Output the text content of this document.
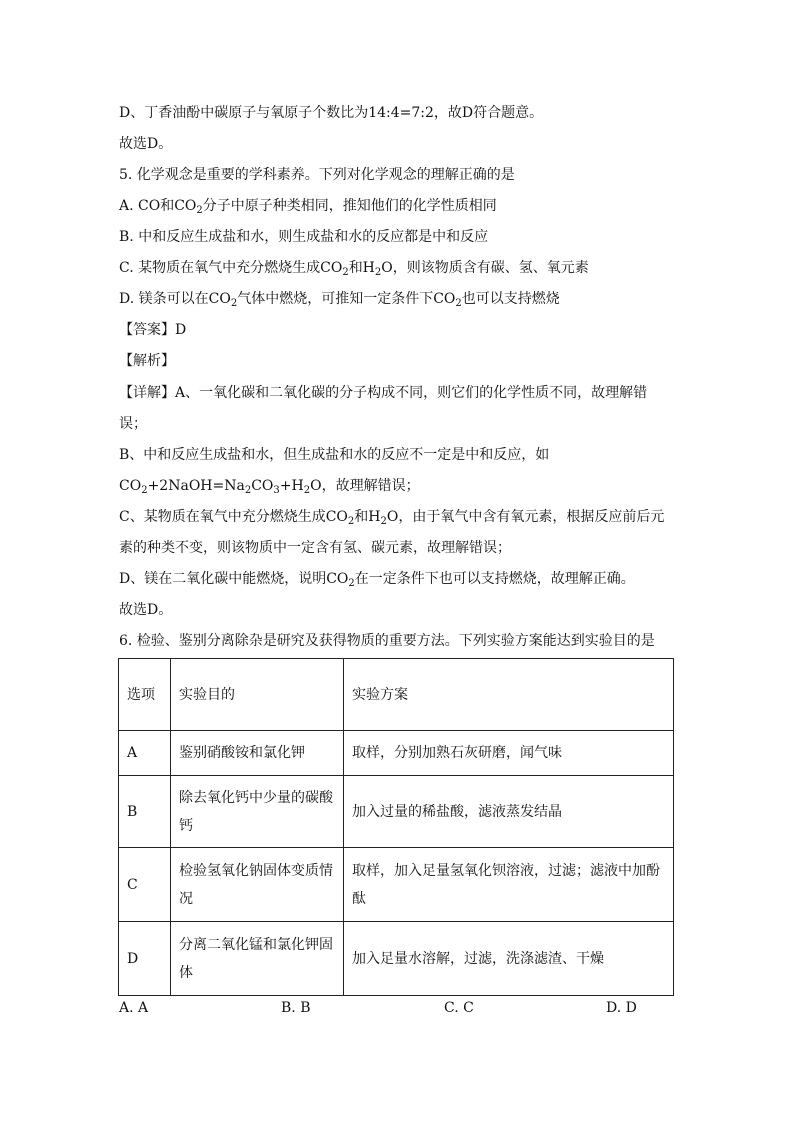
D、丁香油酚中碳原子与氧原子个数比为14:4=7:2，故D符合题意。
故选D。
5. 化学观念是重要的学科素养。下列对化学观念的理解正确的是
A. CO和$CO_2$分子中原子种类相同，推知他们的化学性质相同
B. 中和反应生成盐和水，则生成盐和水的反应都是中和反应
C. 某物质在氧气中充分燃烧生成$CO_2$和$H_2O$，则该物质含有碳、氢、氧元素
D. 镁条可以在$CO_2$气体中燃烧，可推知一定条件下$CO_2$也可以支持燃烧
【答案】D
【解析】
【详解】A、一氧化碳和二氧化碳的分子构成不同，则它们的化学性质不同，故理解错
误；
B、中和反应生成盐和水，但生成盐和水的反应不一定是中和反应，如
$CO_2+2NaOH=Na_2CO_3+H_2O$，故理解错误；
C、某物质在氧气中充分燃烧生成$CO_2$和$H_2O$，由于氧气中含有氧元素，根据反应前后元
素的种类不变，则该物质中一定含有氢、碳元素，故理解错误；
D、镁在二氧化碳中能燃烧，说明$CO_2$在一定条件下也可以支持燃烧，故理解正确。
故选D。
6. 检验、鉴别分离除杂是研究及获得物质的重要方法。下列实验方案能达到实验目的是
选项	实验目的	实验方案
A	鉴别硝酸铵和氯化钾	取样，分别加熟石灰研磨，闻气味
B	除去氧化钙中少量的碳酸钙	加入过量的稀盐酸，滤液蒸发结晶
C	检验氢氧化钠固体变质情况	取样，加入足量氢氧化钡溶液，过滤；滤液中加酚酞
D	分离二氧化锰和氯化钾固体	加入足量水溶解，过滤，洗涤滤渣、干燥
A. A	B. B	C. C	D. D
